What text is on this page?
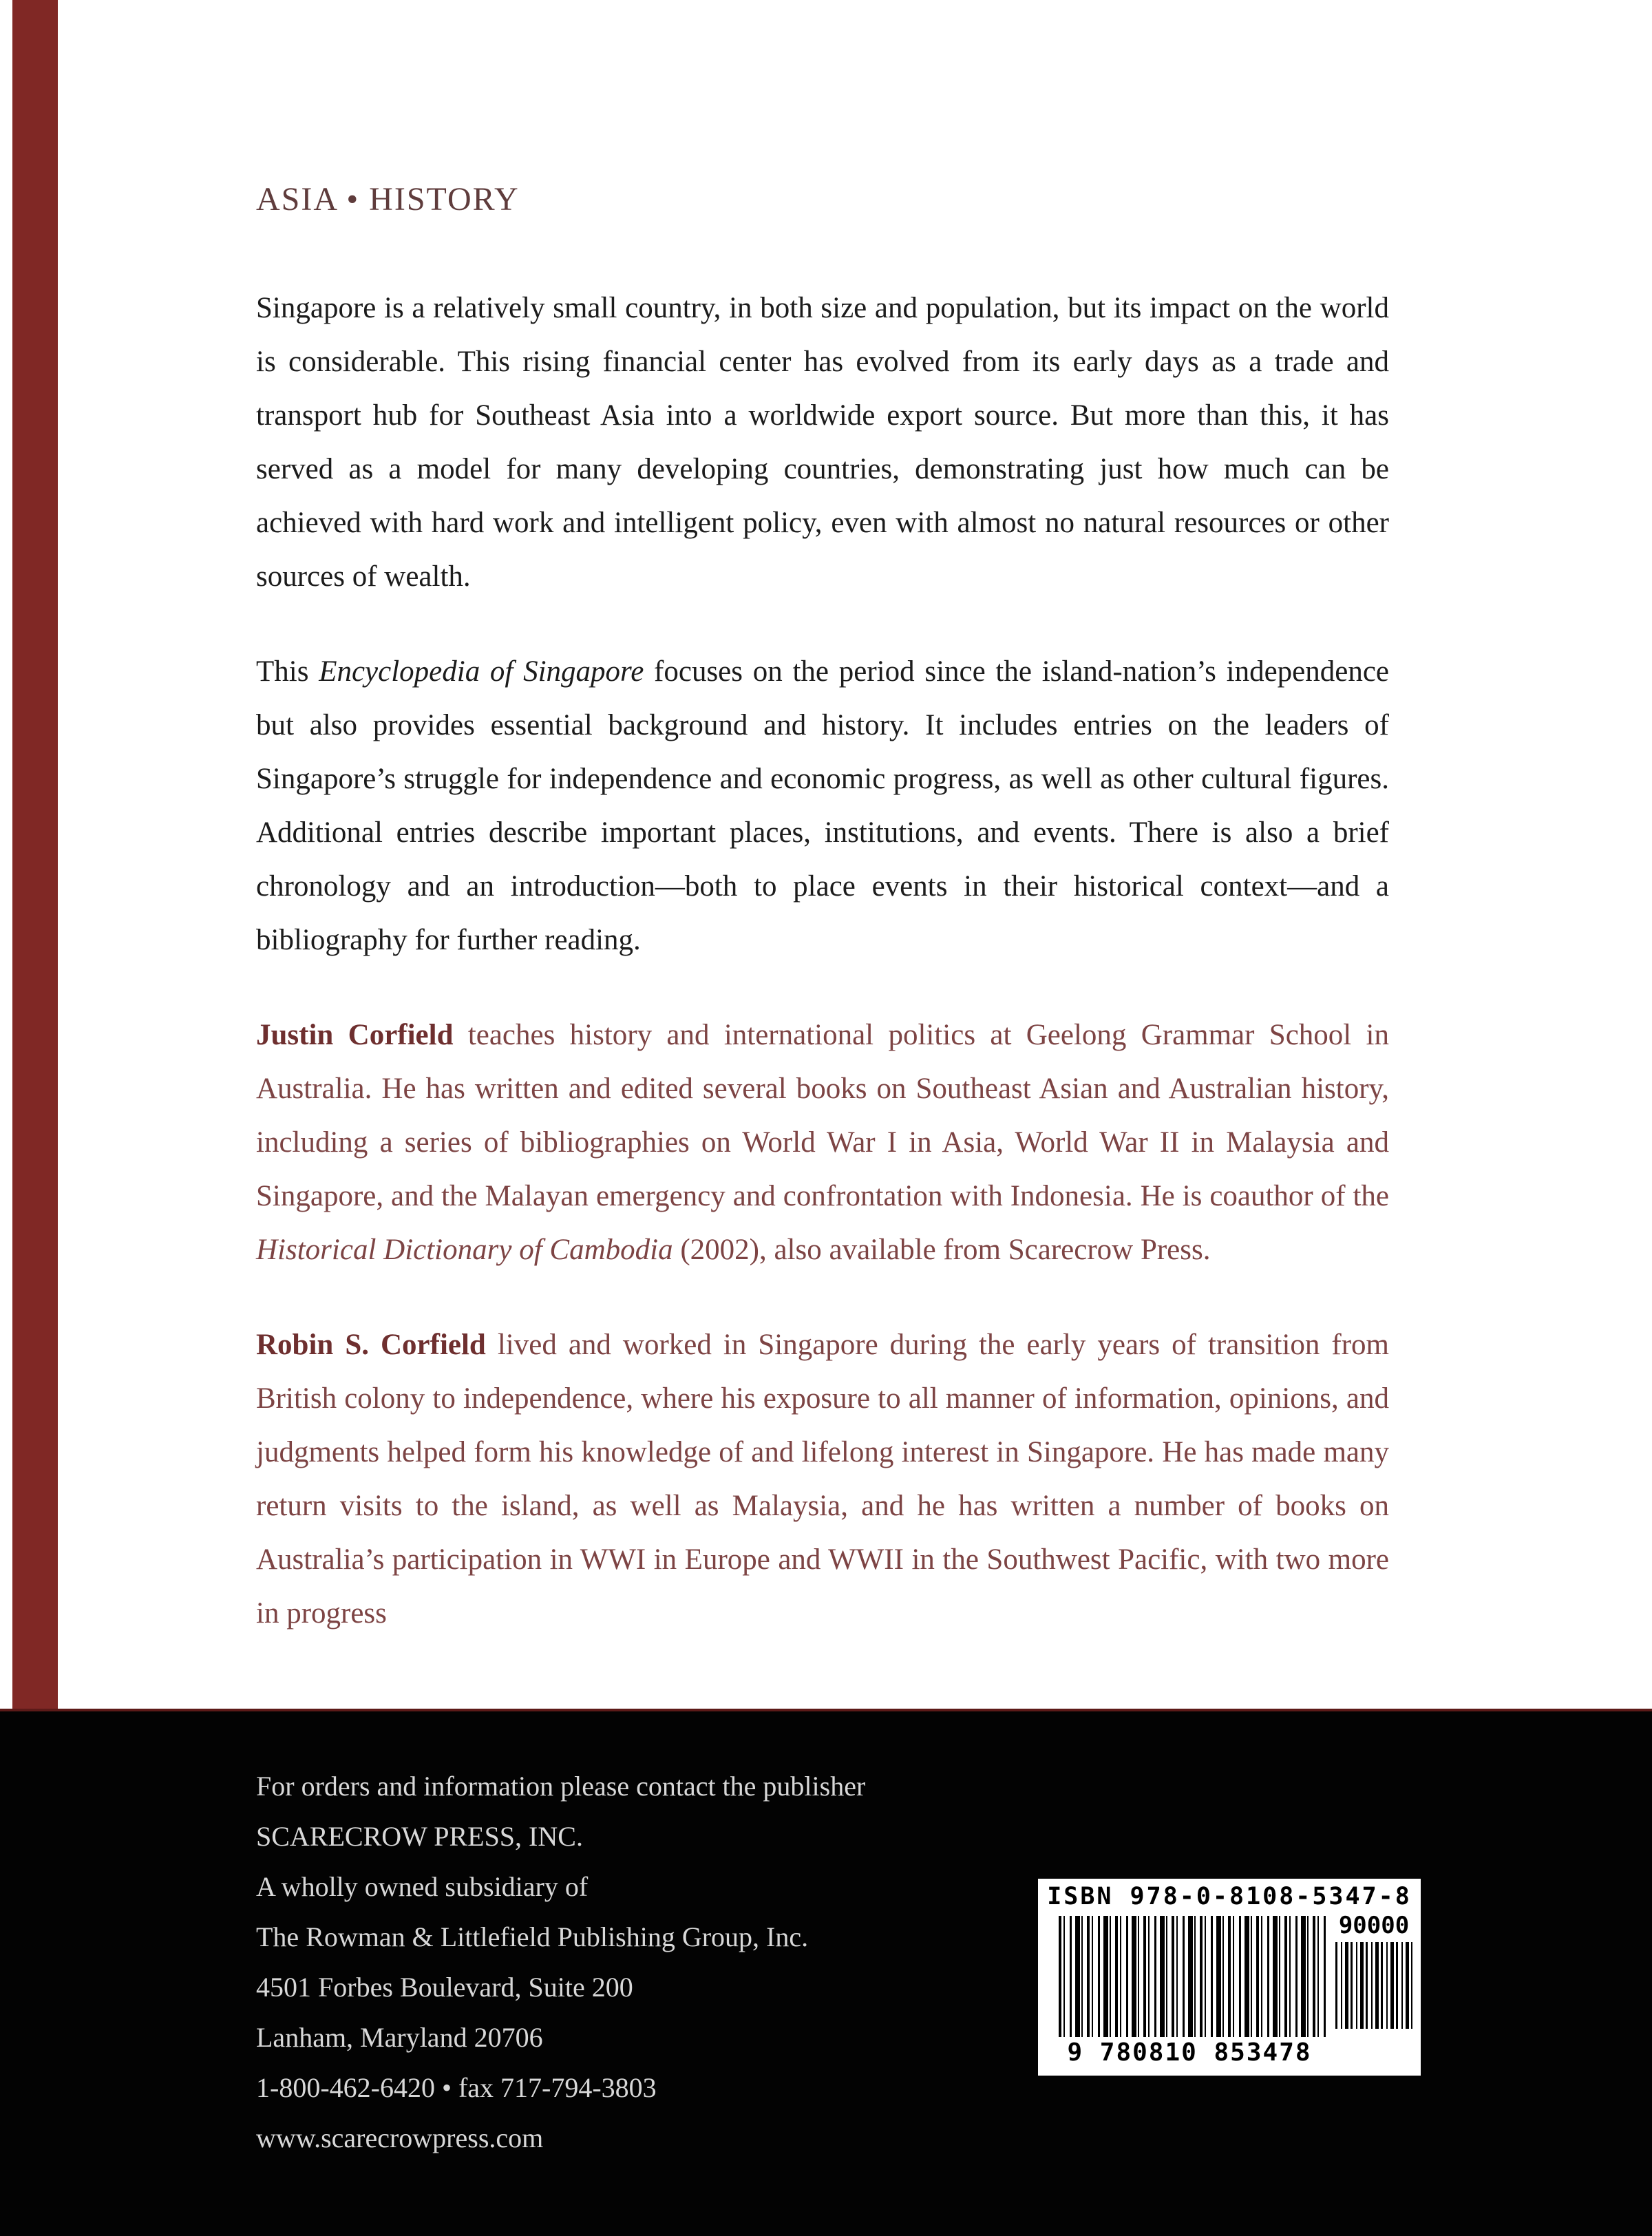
ASIA • HISTORY
Singapore is a relatively small country, in both size and population, but its impact on the world is considerable. This rising financial center has evolved from its early days as a trade and transport hub for Southeast Asia into a worldwide export source. But more than this, it has served as a model for many developing countries, demonstrating just how much can be achieved with hard work and intelligent policy, even with almost no natural resources or other sources of wealth.
This Encyclopedia of Singapore focuses on the period since the island-nation’s independence but also provides essential background and history. It includes entries on the leaders of Singapore’s struggle for independence and economic progress, as well as other cultural figures. Additional entries describe important places, institutions, and events. There is also a brief chronology and an introduction—both to place events in their historical context—and a bibliography for further reading.
Justin Corfield teaches history and international politics at Geelong Grammar School in Australia. He has written and edited several books on Southeast Asian and Australian history, including a series of bibliographies on World War I in Asia, World War II in Malaysia and Singapore, and the Malayan emergency and confrontation with Indonesia. He is coauthor of the Historical Dictionary of Cambodia (2002), also available from Scarecrow Press.
Robin S. Corfield lived and worked in Singapore during the early years of transition from British colony to independence, where his exposure to all manner of information, opinions, and judgments helped form his knowledge of and lifelong interest in Singapore. He has made many return visits to the island, as well as Malaysia, and he has written a number of books on Australia’s participation in WWI in Europe and WWII in the Southwest Pacific, with two more in progress
For orders and information please contact the publisher
SCARECROW PRESS, INC.
A wholly owned subsidiary of
The Rowman & Littlefield Publishing Group, Inc.
4501 Forbes Boulevard, Suite 200
Lanham, Maryland 20706
1-800-462-6420 • fax 717-794-3803
www.scarecrowpress.com
ISBN 978-0-8108-5347-8
9 780810 853478
90000
